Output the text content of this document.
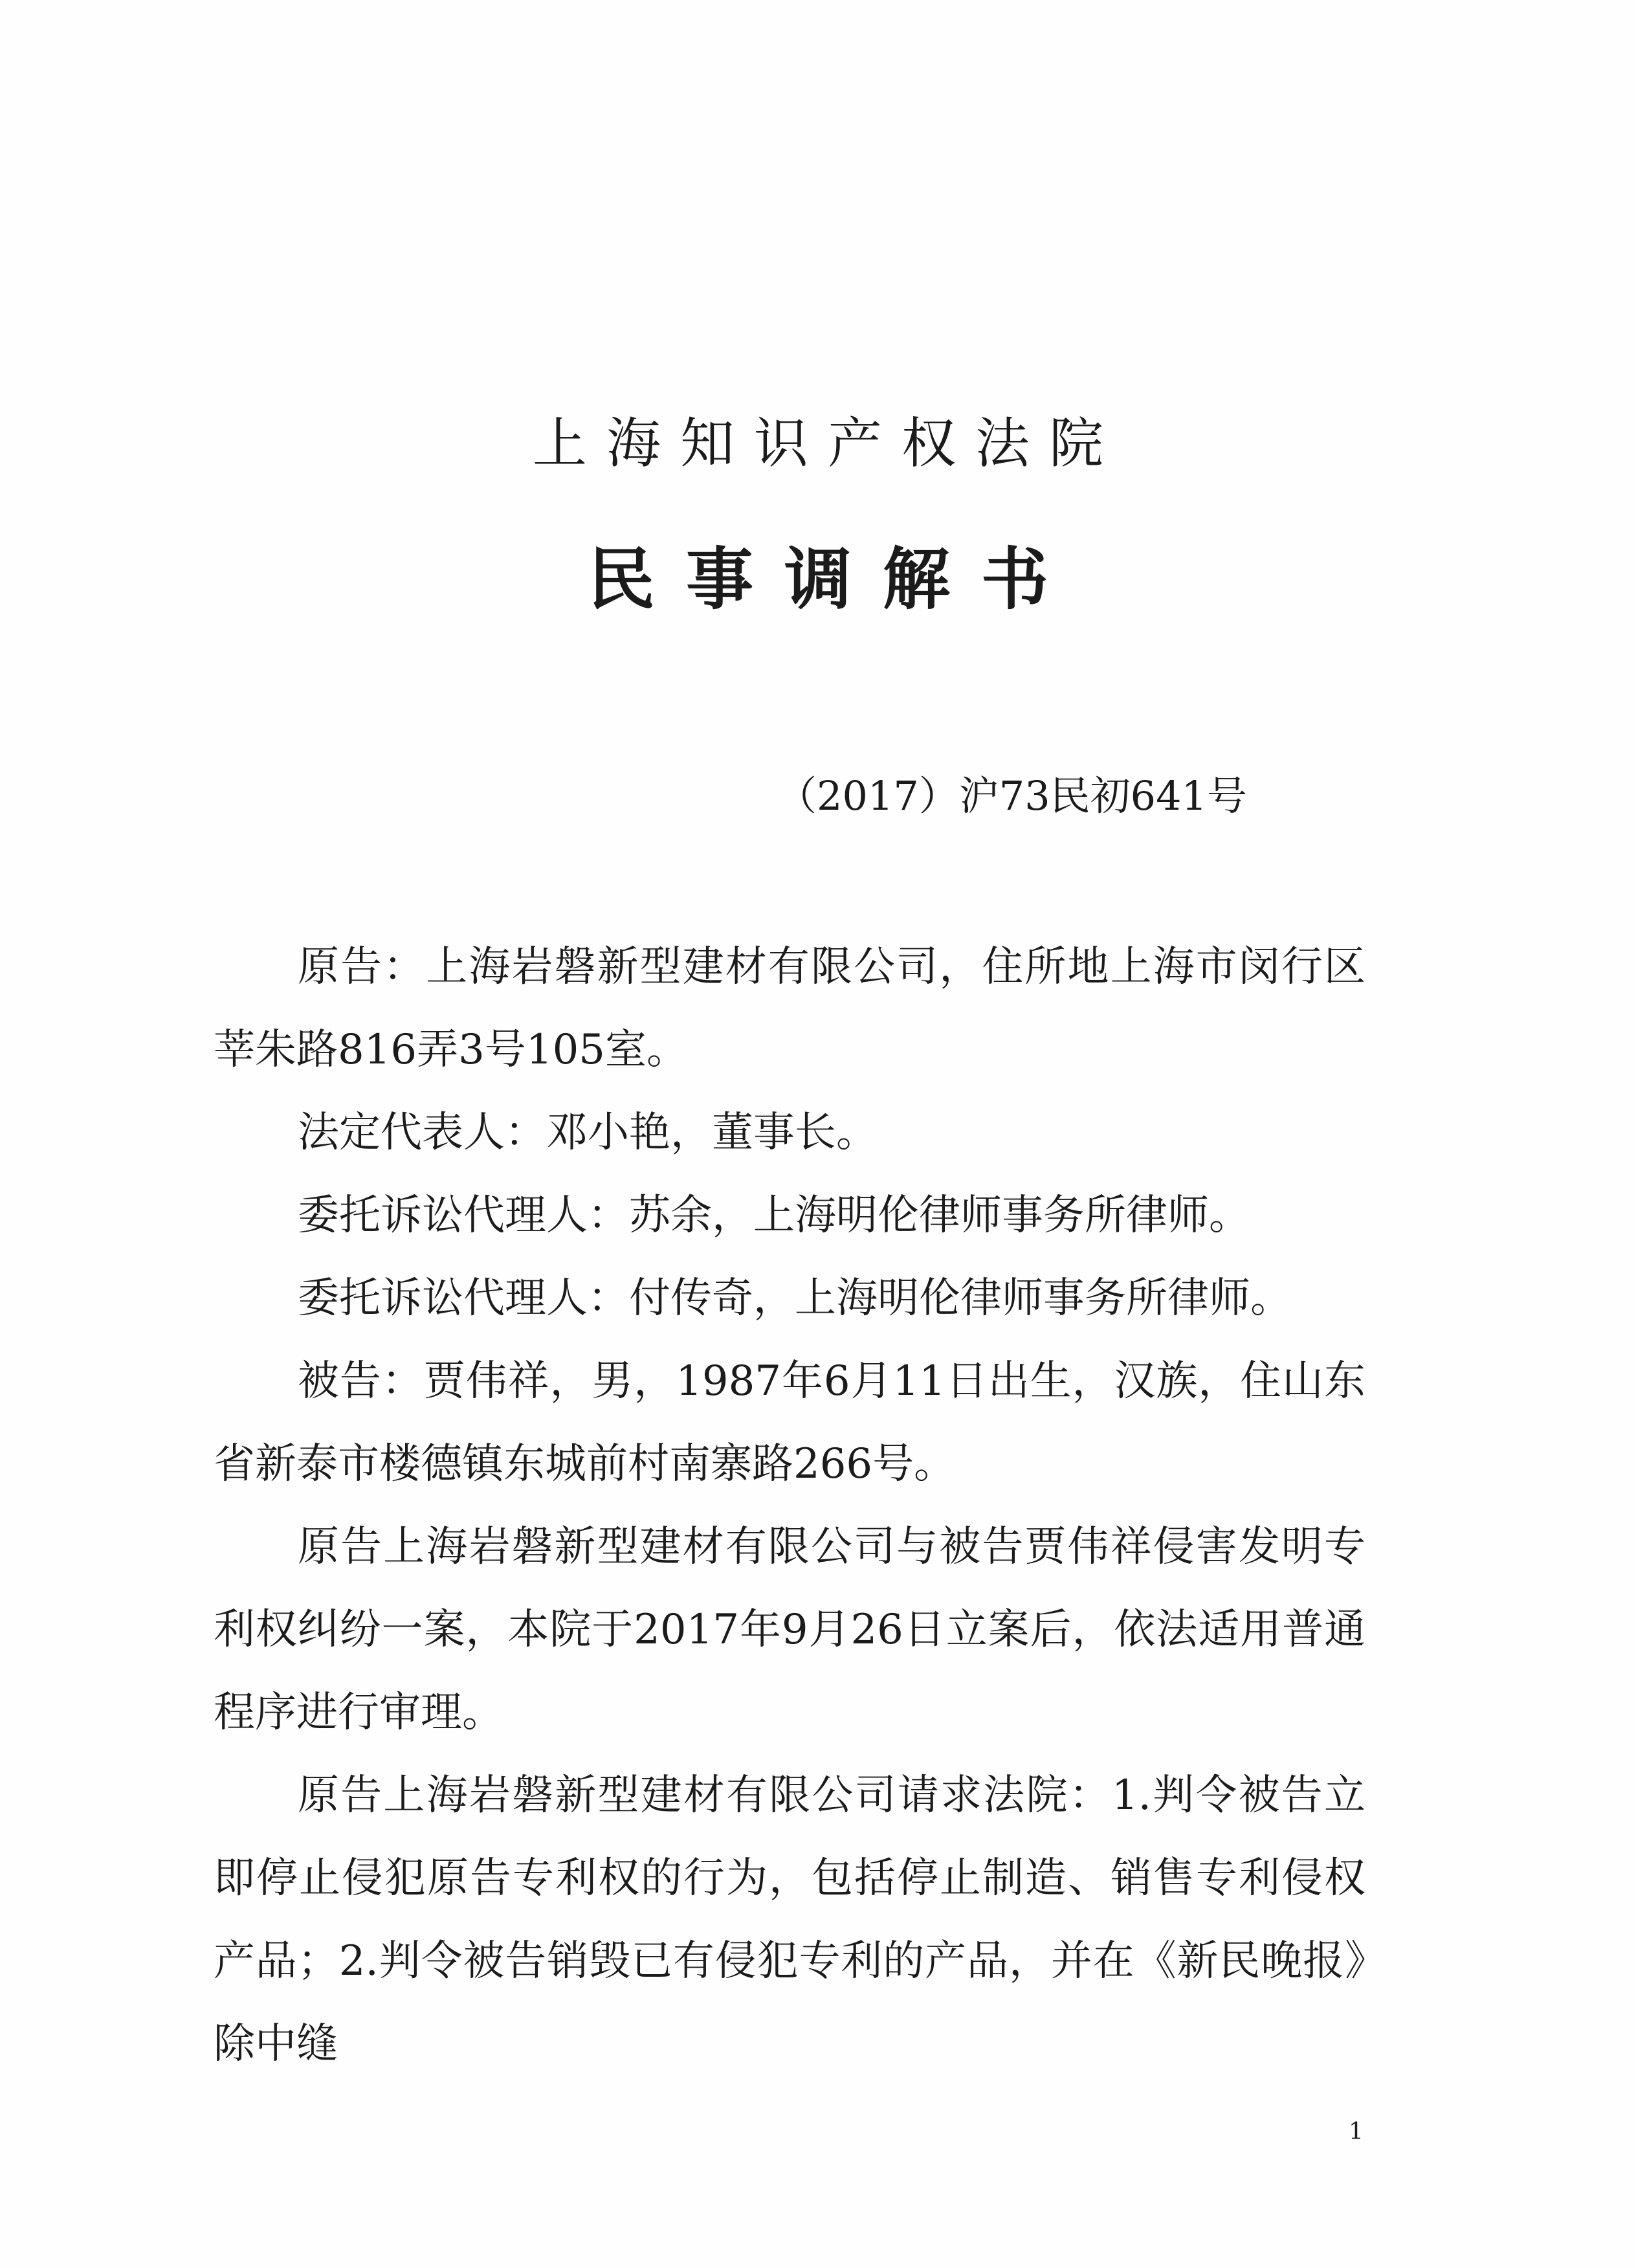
上海知识产权法院
民事调解书
（2017）沪73民初641号

原告：上海岩磐新型建材有限公司，住所地上海市闵行区莘朱路816弄3号105室。

法定代表人：邓小艳，董事长。

委托诉讼代理人：苏余，上海明伦律师事务所律师。

委托诉讼代理人：付传奇，上海明伦律师事务所律师。

被告：贾伟祥，男，1987年6月11日出生，汉族，住山东省新泰市楼德镇东城前村南寨路266号。

原告上海岩磐新型建材有限公司与被告贾伟祥侵害发明专利权纠纷一案，本院于2017年9月26日立案后，依法适用普通程序进行审理。

原告上海岩磐新型建材有限公司请求法院：1.判令被告立即停止侵犯原告专利权的行为，包括停止制造、销售专利侵权产品；2.判令被告销毁已有侵犯专利的产品，并在《新民晚报》除中缝

1
